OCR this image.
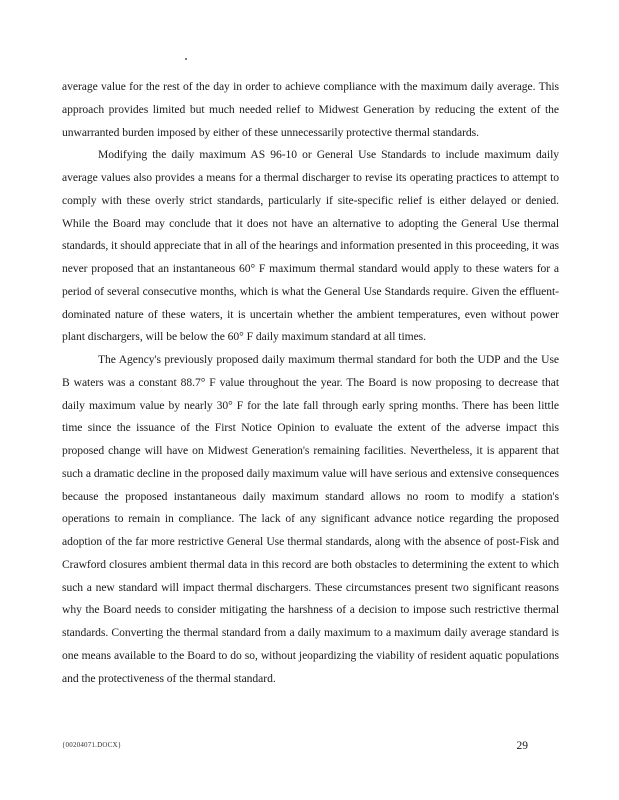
average value for the rest of the day in order to achieve compliance with the maximum daily average. This approach provides limited but much needed relief to Midwest Generation by reducing the extent of the unwarranted burden imposed by either of these unnecessarily protective thermal standards.

Modifying the daily maximum AS 96-10 or General Use Standards to include maximum daily average values also provides a means for a thermal discharger to revise its operating practices to attempt to comply with these overly strict standards, particularly if site-specific relief is either delayed or denied. While the Board may conclude that it does not have an alternative to adopting the General Use thermal standards, it should appreciate that in all of the hearings and information presented in this proceeding, it was never proposed that an instantaneous 60° F maximum thermal standard would apply to these waters for a period of several consecutive months, which is what the General Use Standards require. Given the effluent-dominated nature of these waters, it is uncertain whether the ambient temperatures, even without power plant dischargers, will be below the 60° F daily maximum standard at all times.

The Agency's previously proposed daily maximum thermal standard for both the UDP and the Use B waters was a constant 88.7° F value throughout the year. The Board is now proposing to decrease that daily maximum value by nearly 30° F for the late fall through early spring months. There has been little time since the issuance of the First Notice Opinion to evaluate the extent of the adverse impact this proposed change will have on Midwest Generation's remaining facilities. Nevertheless, it is apparent that such a dramatic decline in the proposed daily maximum value will have serious and extensive consequences because the proposed instantaneous daily maximum standard allows no room to modify a station's operations to remain in compliance. The lack of any significant advance notice regarding the proposed adoption of the far more restrictive General Use thermal standards, along with the absence of post-Fisk and Crawford closures ambient thermal data in this record are both obstacles to determining the extent to which such a new standard will impact thermal dischargers. These circumstances present two significant reasons why the Board needs to consider mitigating the harshness of a decision to impose such restrictive thermal standards. Converting the thermal standard from a daily maximum to a maximum daily average standard is one means available to the Board to do so, without jeopardizing the viability of resident aquatic populations and the protectiveness of the thermal standard.

{00204071.DOCX}	29
